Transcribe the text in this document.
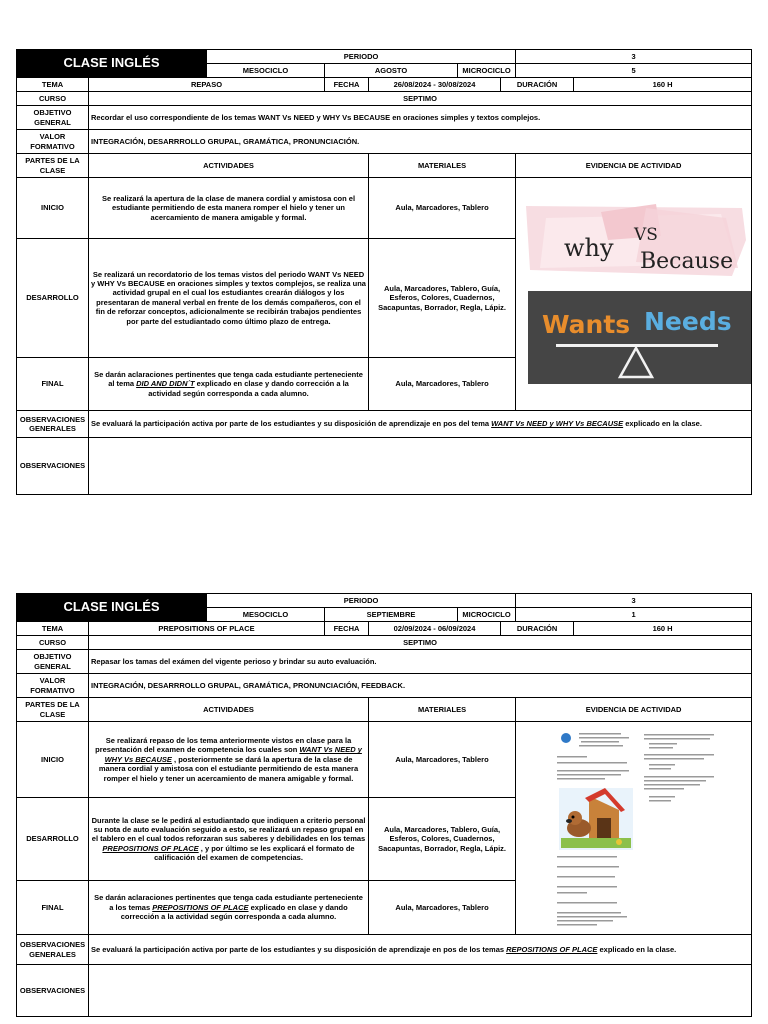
CLASE INGLÉS		PERIODO					3	
		MESOCICLO	AGOSTO		MICROCICLO		5	
TEMA	REPASO		FECHA	26/08/2024 - 30/08/2024		DURACIÓN		160 H
CURSO	SEPTIMO							
OBJETIVO GENERAL	Recordar el uso correspondiente de los temas WANT Vs NEED y WHY Vs BECAUSE en oraciones simples y textos complejos.							
VALOR FORMATIVO	INTEGRACIÓN, DESARRROLLO GRUPAL, GRAMÁTICA, PRONUNCIACIÓN.							
PARTES DE LA CLASE	ACTIVIDADES			MATERIALES			EVIDENCIA DE ACTIVIDAD	
INICIO	Se realizará la apertura de la clase de manera cordial y amistosa con el estudiante permitiendo de esta manera romper el hielo y tener un acercamiento de manera amigable y formal.			Aula, Marcadores, Tablero			why VS
Because
Wants Needs	

DESARROLLO	Se realizará un recordatorio de los temas vistos del periodo WANT Vs NEED y WHY Vs BECAUSE en oraciones simples y textos complejos, se realiza una actividad grupal en el cual los estudiantes crearán diálogos y los presentaran de maneral verbal en frente de los demás compañeros, con el fin de reforzar conceptos, adicionalmente se recibirán trabajos pendientes por parte del estudiantado como último plazo de entrega.			Aula, Marcadores, Tablero, Guía, Esferos, Colores, Cuadernos, Sacapuntas, Borrador, Regla, Lápiz.				
FINAL	Se darán aclaraciones pertinentes que tenga cada estudiante perteneciente al tema DID AND DIDN´T explicado en clase y dando corrección a la actividad según corresponda a cada alumno.			Aula, Marcadores, Tablero				
OBSERVACIONES GENERALES	Se evaluará la participación activa por parte de los estudiantes y su disposición de aprendizaje en pos del tema WANT Vs NEED y WHY Vs BECAUSE explicado en la clase.							
OBSERVACIONES								
CLASE INGLÉS		PERIODO					3	
		MESOCICLO	SEPTIEMBRE		MICROCICLO		1	
TEMA	PREPOSITIONS OF PLACE		FECHA	02/09/2024 - 06/09/2024		DURACIÓN		160 H
CURSO	SEPTIMO							
OBJETIVO GENERAL	Repasar los tamas del exámen del vigente perioso y brindar su auto evaluación.							
VALOR FORMATIVO	INTEGRACIÓN, DESARRROLLO GRUPAL, GRAMÁTICA, PRONUNCIACIÓN, FEEDBACK.							
PARTES DE LA CLASE	ACTIVIDADES			MATERIALES			EVIDENCIA DE ACTIVIDAD	
INICIO	Se realizará repaso de los tema anteriormente vistos en clase para la presentación del examen de competencia los cuales son WANT Vs NEED y WHY Vs BECAUSE , posteriormente se dará la apertura de la clase de manera cordial y amistosa con el estudiante permitiendo de esta manera romper el hielo y tener un acercamiento de manera amigable y formal.			Aula, Marcadores, Tablero	

DESARROLLO	Durante la clase se le pedirá al estudiantado que indiquen a criterio personal su nota de auto evaluación seguido a esto, se realizará un repaso grupal en el tablero en el cual todos reforzaran sus saberes y debilidades en los temas PREPOSITIONS OF PLACE , y por último se les explicará el formato de calificación del examen de competencias.			Aula, Marcadores, Tablero, Guía, Esferos, Colores, Cuadernos, Sacapuntas, Borrador, Regla, Lápiz.				
FINAL	Se darán aclaraciones pertinentes que tenga cada estudiante perteneciente a los temas PREPOSITIONS OF PLACE explicado en clase y dando corrección a la actividad según corresponda a cada alumno.			Aula, Marcadores, Tablero				
OBSERVACIONES GENERALES	Se evaluará la participación activa por parte de los estudiantes y su disposición de aprendizaje en pos de los temas REPOSITIONS OF PLACE explicado en la clase.							
OBSERVACIONES								
